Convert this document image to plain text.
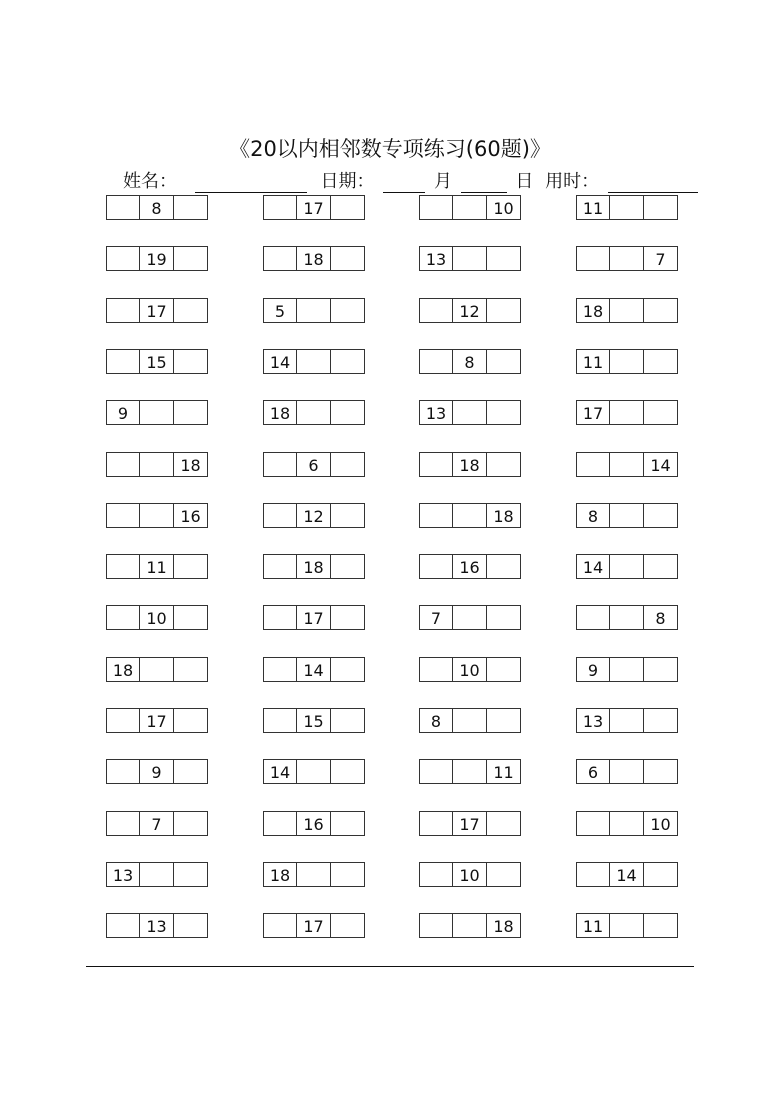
《20以内相邻数专项练习(60题)》
姓名：	日期：	月	日 用时：
8	17	10	11
19	18	13	7
17	5	12	18
15	14	8	11
9	18	13	17
18	6	18	14
16	12	18	8
11	18	16	14
10	17	7	8
18	14	10	9
17	15	8	13
9	14	11	6
7	16	17	10
13	18	10	14
13	17	18	11
